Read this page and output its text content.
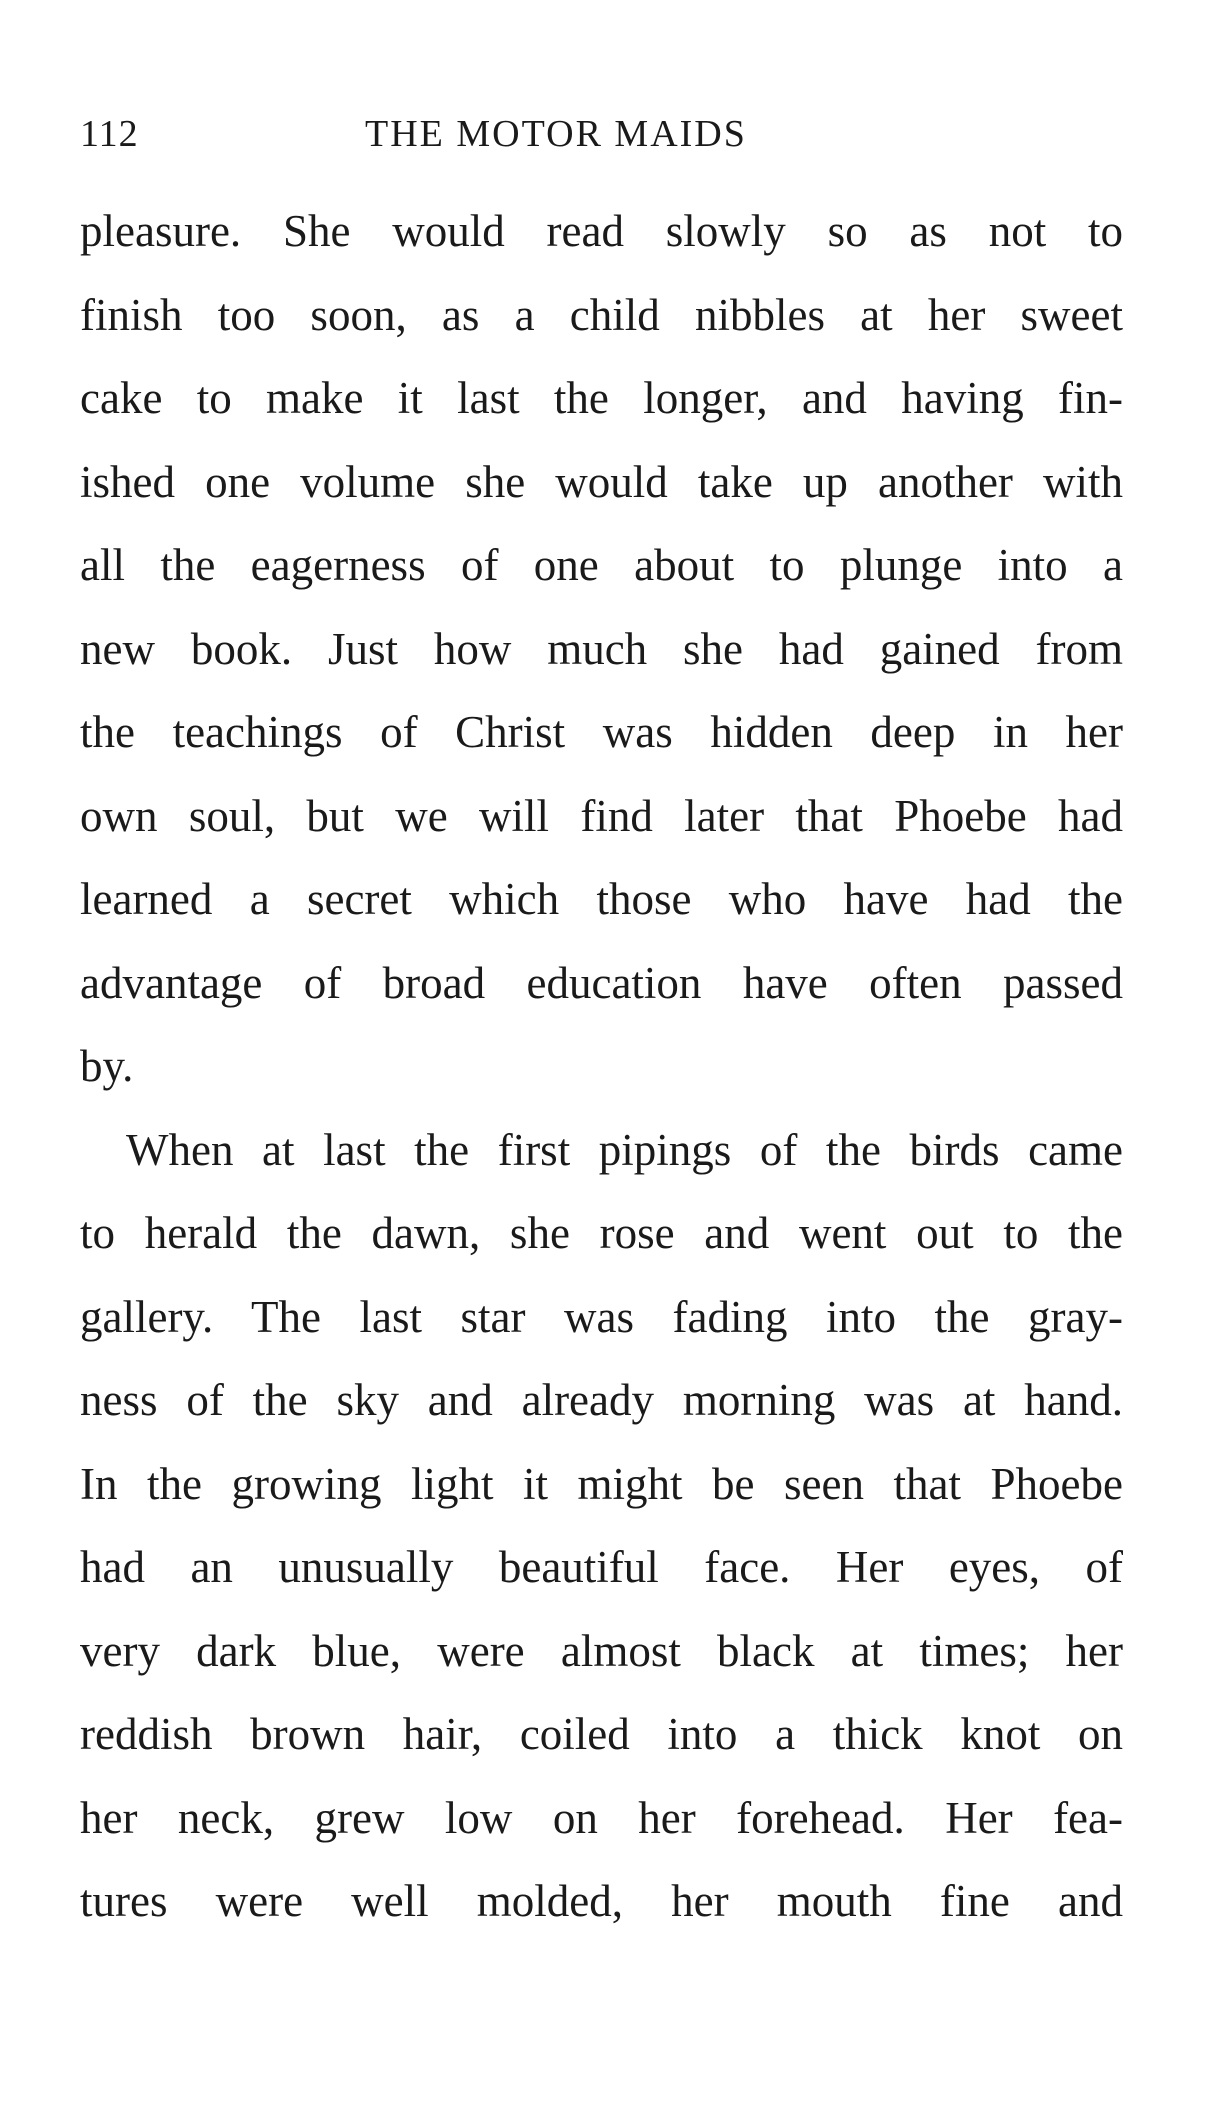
112	THE MOTOR MAIDS
pleasure. She would read slowly so as not to
finish too soon, as a child nibbles at her sweet
cake to make it last the longer, and having fin-
ished one volume she would take up another with
all the eagerness of one about to plunge into a
new book. Just how much she had gained from
the teachings of Christ was hidden deep in her
own soul, but we will find later that Phoebe had
learned a secret which those who have had the
advantage of broad education have often passed
by.
When at last the first pipings of the birds came
to herald the dawn, she rose and went out to the
gallery. The last star was fading into the gray-
ness of the sky and already morning was at hand.
In the growing light it might be seen that Phoebe
had an unusually beautiful face. Her eyes, of
very dark blue, were almost black at times; her
reddish brown hair, coiled into a thick knot on
her neck, grew low on her forehead. Her fea-
tures were well molded, her mouth fine and
